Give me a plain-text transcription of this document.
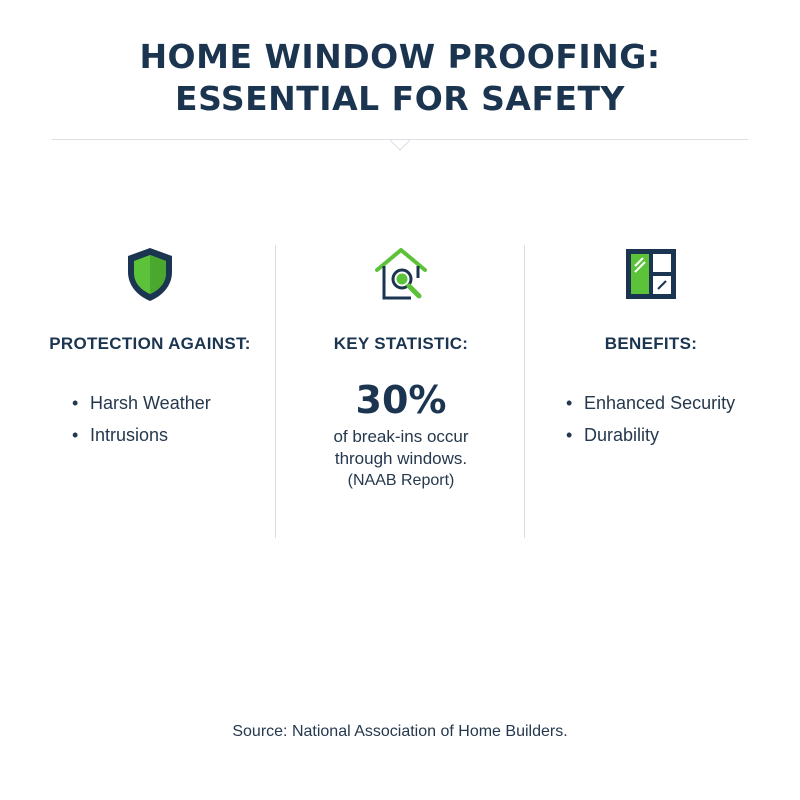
HOME WINDOW PROOFING:
ESSENTIAL FOR SAFETY
PROTECTION AGAINST:
• Harsh Weather
• Intrusions
KEY STATISTIC:
30%
of break-ins occur
through windows.
(NAAB Report)
BENEFITS:
• Enhanced Security
• Durability
Source: National Association of Home Builders.
